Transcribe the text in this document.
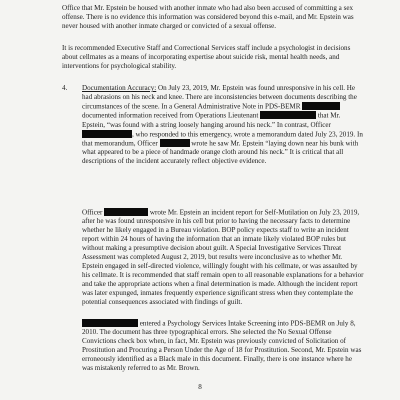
Office that Mr. Epstein be housed with another inmate who had also been accused of committing a sex offense. There is no evidence this information was considered beyond this e-mail, and Mr. Epstein was never housed with another inmate charged or convicted of a sexual offense.

It is recommended Executive Staff and Correctional Services staff include a psychologist in decisions about cellmates as a means of incorporating expertise about suicide risk, mental health needs, and interventions for psychological stability.

4. Documentation Accuracy: On July 23, 2019, Mr. Epstein was found unresponsive in his cell. He had abrasions on his neck and knee. There are inconsistencies between documents describing the circumstances of the scene. In a General Administrative Note in PDS-BEMR  documented information received from Operations Lieutenant	that Mr. Epstein, “was found with a string loosely hanging around his neck.” In contrast, Officer , who responded to this emergency, wrote a memorandum dated July 23, 2019. In that memorandum, Officer	wrote he saw Mr. Epstein “laying down near his bunk with what appeared to be a piece of handmade orange cloth around his neck.” It is critical that all descriptions of the incident accurately reflect objective evidence.

Officer	wrote Mr. Epstein an incident report for Self-Mutilation on July 23, 2019, after he was found unresponsive in his cell but prior to having the necessary facts to determine whether he likely engaged in a Bureau violation. BOP policy expects staff to write an incident report within 24 hours of having the information that an inmate likely violated BOP rules but without making a presumptive decision about guilt. A Special Investigative Services Threat Assessment was completed August 2, 2019, but results were inconclusive as to whether Mr. Epstein engaged in self-directed violence, willingly fought with his cellmate, or was assaulted by his cellmate. It is recommended that staff remain open to all reasonable explanations for a behavior and take the appropriate actions when a final determination is made. Although the incident report was later expunged, inmates frequently experience significant stress when they contemplate the potential consequences associated with findings of guilt.

entered a Psychology Services Intake Screening into PDS-BEMR on July 8, 2010. The document has three typographical errors. She selected the No Sexual Offense Convictions check box when, in fact, Mr. Epstein was previously convicted of Solicitation of Prostitution and Procuring a Person Under the Age of 18 for Prostitution. Second, Mr. Epstein was erroneously identified as a Black male in this document. Finally, there is one instance where he was mistakenly referred to as Mr. Brown.

8
